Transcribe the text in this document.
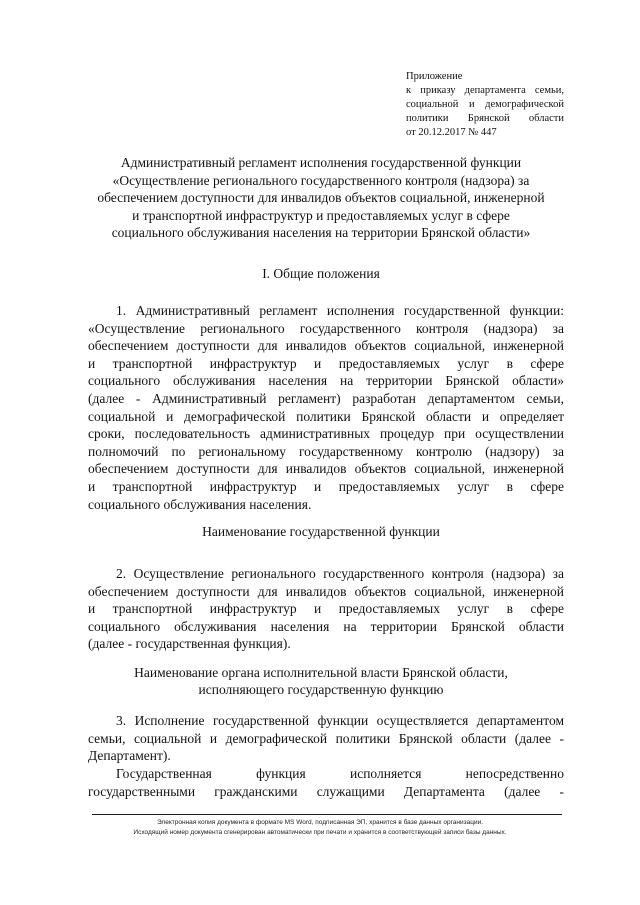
Приложение
к приказу департамента семьи,
социальной и демографической
политики Брянской области
от 20.12.2017 № 447
Административный регламент исполнения государственной функции
«Осуществление регионального государственного контроля (надзора) за
обеспечением доступности для инвалидов объектов социальной, инженерной
и транспортной инфраструктур и предоставляемых услуг в сфере
социального обслуживания населения на территории Брянской области»
I. Общие положения
1. Административный регламент исполнения государственной функции:
«Осуществление регионального государственного контроля (надзора) за
обеспечением доступности для инвалидов объектов социальной, инженерной
и транспортной инфраструктур и предоставляемых услуг в сфере
социального обслуживания населения на территории Брянской области»
(далее - Административный регламент) разработан департаментом семьи,
социальной и демографической политики Брянской области и определяет
сроки, последовательность административных процедур при осуществлении
полномочий по региональному государственному контролю (надзору) за
обеспечением доступности для инвалидов объектов социальной, инженерной
и транспортной инфраструктур и предоставляемых услуг в сфере
социального обслуживания населения.
Наименование государственной функции
2. Осуществление регионального государственного контроля (надзора) за
обеспечением доступности для инвалидов объектов социальной, инженерной
и транспортной инфраструктур и предоставляемых услуг в сфере
социального обслуживания населения на территории Брянской области
(далее - государственная функция).
Наименование органа исполнительной власти Брянской области,
исполняющего государственную функцию
3. Исполнение государственной функции осуществляется департаментом
семьи, социальной и демографической политики Брянской области (далее -
Департамент).
Государственная функция исполняется непосредственно
государственными гражданскими служащими Департамента (далее -
Электронная копия документа в формате MS Word, подписанная ЭП, хранится в базе данных организации.
Исходящий номер документа сгенерирован автоматически при печати и хранится в соответствующей записи базы данных.
